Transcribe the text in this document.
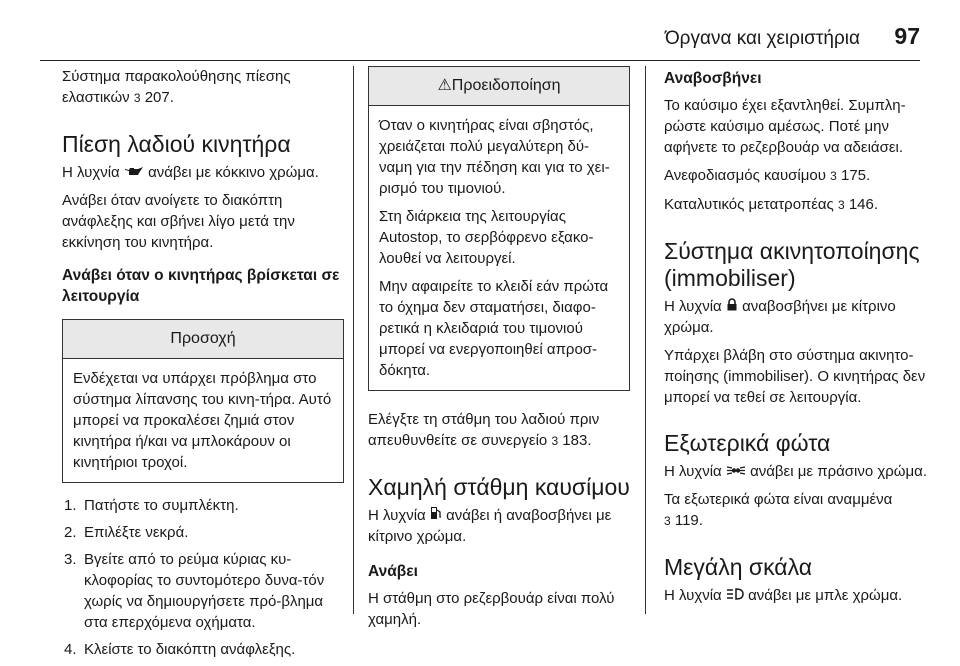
Όργανα και χειριστήρια 97

Σύστημα παρακολούθησης πίεσης ελαστικών 3 207.

Πίεση λαδιού κινητήρα

Η λυχνία ανάβει με κόκκινο χρώμα.

Ανάβει όταν ανοίγετε το διακόπτη ανάφλεξης και σβήνει λίγο μετά την εκκίνηση του κινητήρα.

Ανάβει όταν ο κινητήρας βρίσκεται σε λειτουργία
Προσοχή

Ενδέχεται να υπάρχει πρόβλημα στο σύστημα λίπανσης του κινη-τήρα. Αυτό μπορεί να προκαλέσει ζημιά στον κινητήρα ή/και να μπλοκάρουν οι κινητήριοι τροχοί.

1. Πατήστε το συμπλέκτη.
2. Επιλέξτε νεκρά.
3. Βγείτε από το ρεύμα κύριας κυ-κλοφορίας το συντομότερο δυνα-τόν χωρίς να δημιουργήσετε πρό-βλημα στα επερχόμενα οχήματα.
4. Κλείστε το διακόπτη ανάφλεξης.
⚠Προειδοποίηση

Όταν ο κινητήρας είναι σβηστός, χρειάζεται πολύ μεγαλύτερη δύ-ναμη για την πέδηση και για το χει-ρισμό του τιμονιού.

Στη διάρκεια της λειτουργίας Autostop, το σερβόφρενο εξακο-λουθεί να λειτουργεί.

Μην αφαιρείτε το κλειδί εάν πρώτα το όχημα δεν σταματήσει, διαφο-ρετικά η κλειδαριά του τιμονιού μπορεί να ενεργοποιηθεί απροσ-δόκητα.

Ελέγξτε τη στάθμη του λαδιού πριν απευθυνθείτε σε συνεργείο 3 183.

Χαμηλή στάθμη καυσίμου

Η λυχνία ανάβει ή αναβοσβήνει με κίτρινο χρώμα.

Ανάβει

Η στάθμη στο ρεζερβουάρ είναι πολύ χαμηλή.

Αναβοσβήνει

Το καύσιμο έχει εξαντληθεί. Συμπλη-ρώστε καύσιμο αμέσως. Ποτέ μην αφήνετε το ρεζερβουάρ να αδειάσει.

Ανεφοδιασμός καυσίμου 3 175.

Καταλυτικός μετατροπέας 3 146.

Σύστημα ακινητοποίησης (immobiliser)

Η λυχνία αναβοσβήνει με κίτρινο χρώμα.

Υπάρχει βλάβη στο σύστημα ακινητο-ποίησης (immobiliser). Ο κινητήρας δεν μπορεί να τεθεί σε λειτουργία.

Εξωτερικά φώτα

Η λυχνία ανάβει με πράσινο χρώμα.

Τα εξωτερικά φώτα είναι αναμμένα
3 119.

Μεγάλη σκάλα

Η λυχνία ανάβει με μπλε χρώμα.
